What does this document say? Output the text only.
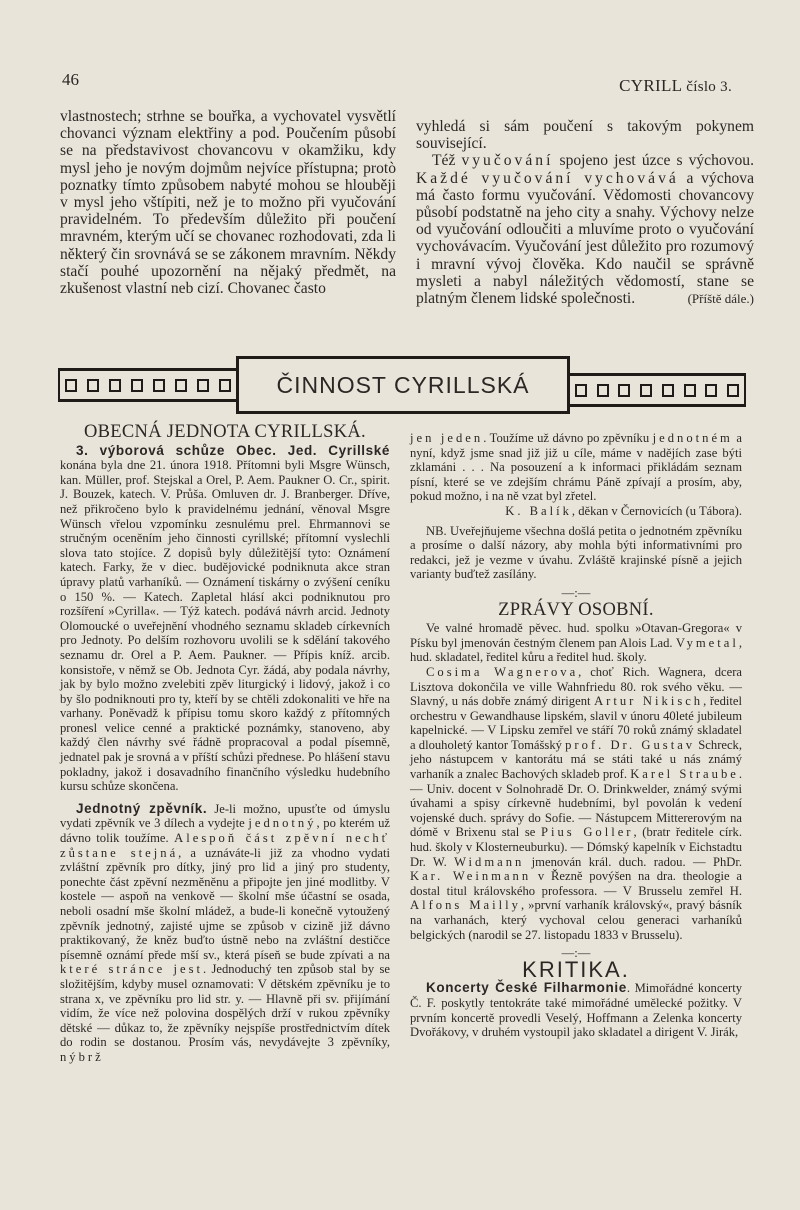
46	CYRILL číslo 3.

vlastnostech; strhne se bouřka, a vychovatel vysvětlí chovanci význam elektřiny a pod. Poučením působí se na představivost chovancovu v okamžiku, kdy mysl jeho je novým dojmům nejvíce přístupna; protò poznatky tímto způsobem nabyté mohou se hlouběji v mysl jeho vštípiti, než je to možno při vyučování pravidelném. To především důležito při poučení mravném, kterým učí se chovanec rozhodovati, zda li některý čin srovnává se se zákonem mravním. Někdy stačí pouhé upozornění na nějaký předmět, na zkušenost vlastní neb cizí. Chovanec často

vyhledá si sám poučení s takovým pokynem související.

Též vyučování spojeno jest úzce s výchovou. Každé vyučování vychovává a výchova má často formu vyučování. Vědomosti chovancovy působí podstatně na jeho city a snahy. Výchovy nelze od vyučování odloučiti a mluvíme proto o vyučování vychovávacím. Vyučování jest důležito pro rozumový i mravní vývoj člověka. Kdo naučil se správně mysleti a nabyl náležitých vědomostí, stane se platným členem lidské společnosti.	(Příště dále.)

ČINNOST CYRILLSKÁ
OBECNÁ JEDNOTA CYRILLSKÁ.

3. výborová schůze Obec. Jed. Cyrillské konána byla dne 21. února 1918. Přítomni byli Msgre Wünsch, kan. Müller, prof. Stejskal a Orel, P. Aem. Paukner O. Cr., spirit. J. Bouzek, katech. V. Průša. Omluven dr. J. Branberger. Dříve, než přikročeno bylo k pravidelnému jednání, věnoval Msgre Wünsch vřelou vzpomínku zesnulému prel. Ehrmannovi se stručným oceněním jeho činnosti cyrillské; přítomní vyslechli slova tato stojíce. Z dopisů byly důležitější tyto: Oznámení katech. Farky, že v diec. budějovické podniknuta akce stran úpravy platů varhaníků. — Oznámení tiskárny o zvýšení ceníku o 150 %. — Katech. Zapletal hlásí akci podniknutou pro rozšíření »Cyrilla«. — Týž katech. podává návrh arcid. Jednoty Olomoucké o uveřejnění vhodného seznamu skladeb církevních pro Jednoty. Po delším rozhovoru uvolili se k sdělání takového seznamu dr. Orel a P. Aem. Paukner. — Přípis kníž. arcib. konsistoře, v němž se Ob. Jednota Cyr. žádá, aby podala návrhy, jak by bylo možno zvelebiti zpěv liturgický i lidový, jakož i co by šlo podniknouti pro ty, kteří by se chtěli zdokonaliti ve hře na varhany. Poněvadž k přípisu tomu skoro každý z přítomných pronesl velice cenné a praktické poznámky, stanoveno, aby každý člen návrhy své řádně propracoval a podal písemně, jednatel pak je srovná a v příští schůzi přednese. Po hlášení stavu pokladny, jakož i dosavadního finančního výsledku hudebního kursu schůze skončena.

Jednotný zpěvník. Je-li možno, upusťte od úmyslu vydati zpěvník ve 3 dílech a vydejte jednotný, po kterém už dávno tolik toužíme. Alespoň část zpěvní nechť zůstane stejná, a uznáváte-li již za vhodno vydati zvláštní zpěvník pro dítky, jiný pro lid a jiný pro studenty, ponechte část zpěvní nezměněnu a připojte jen jiné modlitby. V kostele — aspoň na venkově — školní mše účastní se osada, neboli osadní mše školní mládež, a bude-li konečně vytoužený zpěvník jednotný, zajisté ujme se způsob v cizině již dávno praktikovaný, že kněz buďto ústně nebo na zvláštní destičce písemně oznámí přede mší sv., která píseň se bude zpívati a na které stránce jest. Jednoduchý ten způsob stal by se složitějším, kdyby musel oznamovati: V dětském zpěvníku je to strana x, ve zpěvníku pro lid str. y. — Hlavně při sv. přijímání vidím, že více než polovina dospělých drží v rukou zpěvníky dětské — důkaz to, že zpěvníky nejspíše prostřednictvím dítek do rodin se dostanou. Prosím vás, nevydávejte 3 zpěvníky, nýbrž

jen jeden. Toužíme už dávno po zpěvníku jednotném a nyní, když jsme snad již již u cíle, máme v nadějích zase býti zklamáni . . . Na posouzení a k informaci přikládám seznam písní, které se ve zdejším chrámu Páně zpívají a prosím, aby, pokud možno, i na ně vzat byl zřetel.

K. Balík, děkan v Černovicích (u Tábora).

NB. Uveřejňujeme všechna došlá petita o jednotném zpěvníku a prosíme o další názory, aby mohla býti informativními pro redakci, jež je vezme v úvahu. Zvláště krajinské písně a jejich varianty buďtež zasílány.

—:—
ZPRÁVY OSOBNÍ.

Ve valné hromadě pěvec. hud. spolku »Otavan-Gregora« v Písku byl jmenován čestným členem pan Alois Lad. Vymetal, hud. skladatel, ředitel kůru a ředitel hud. školy.

Cosima Wagnerova, choť Rich. Wagnera, dcera Lisztova dokončila ve ville Wahnfriedu 80. rok svého věku. — Slavný, u nás dobře známý dirigent Artur Nikisch, ředitel orchestru v Gewandhause lipském, slavil v únoru 40leté jubileum kapelnické. — V Lipsku zemřel ve stáří 70 roků známý skladatel a dlouholetý kantor Tomášský prof. Dr. Gustav Schreck, jeho nástupcem v kantorátu má se státi také u nás známý varhaník a znalec Bachových skladeb prof. Karel Straube. — Univ. docent v Solnohradě Dr. O. Drinkwelder, známý svými úvahami a spisy církevně hudebními, byl povolán k vedení vojenské duch. správy do Sofie. — Nástupcem Mittererovým na dómě v Brixenu stal se Pius Goller, (bratr ředitele círk. hud. školy v Klosterneuburku). — Dómský kapelník v Eichstadtu Dr. W. Widmann jmenován král. duch. radou. — PhDr. Kar. Weinmann v Řezně povýšen na dra. theologie a dostal titul královského professora. — V Brusselu zemřel H. Alfons Mailly, »první varhaník královský«, pravý básník na varhanách, který vychoval celou generaci varhaníků belgických (narodil se 27. listopadu 1833 v Brusselu).

—:—
KRITIKA.

Koncerty České Filharmonie. Mimořádné koncerty Č. F. poskytly tentokráte také mimořádné umělecké požitky. V prvním koncertě provedli Veselý, Hoffmann a Zelenka koncerty Dvořákovy, v druhém vystoupil jako skladatel a dirigent V. Jirák,
